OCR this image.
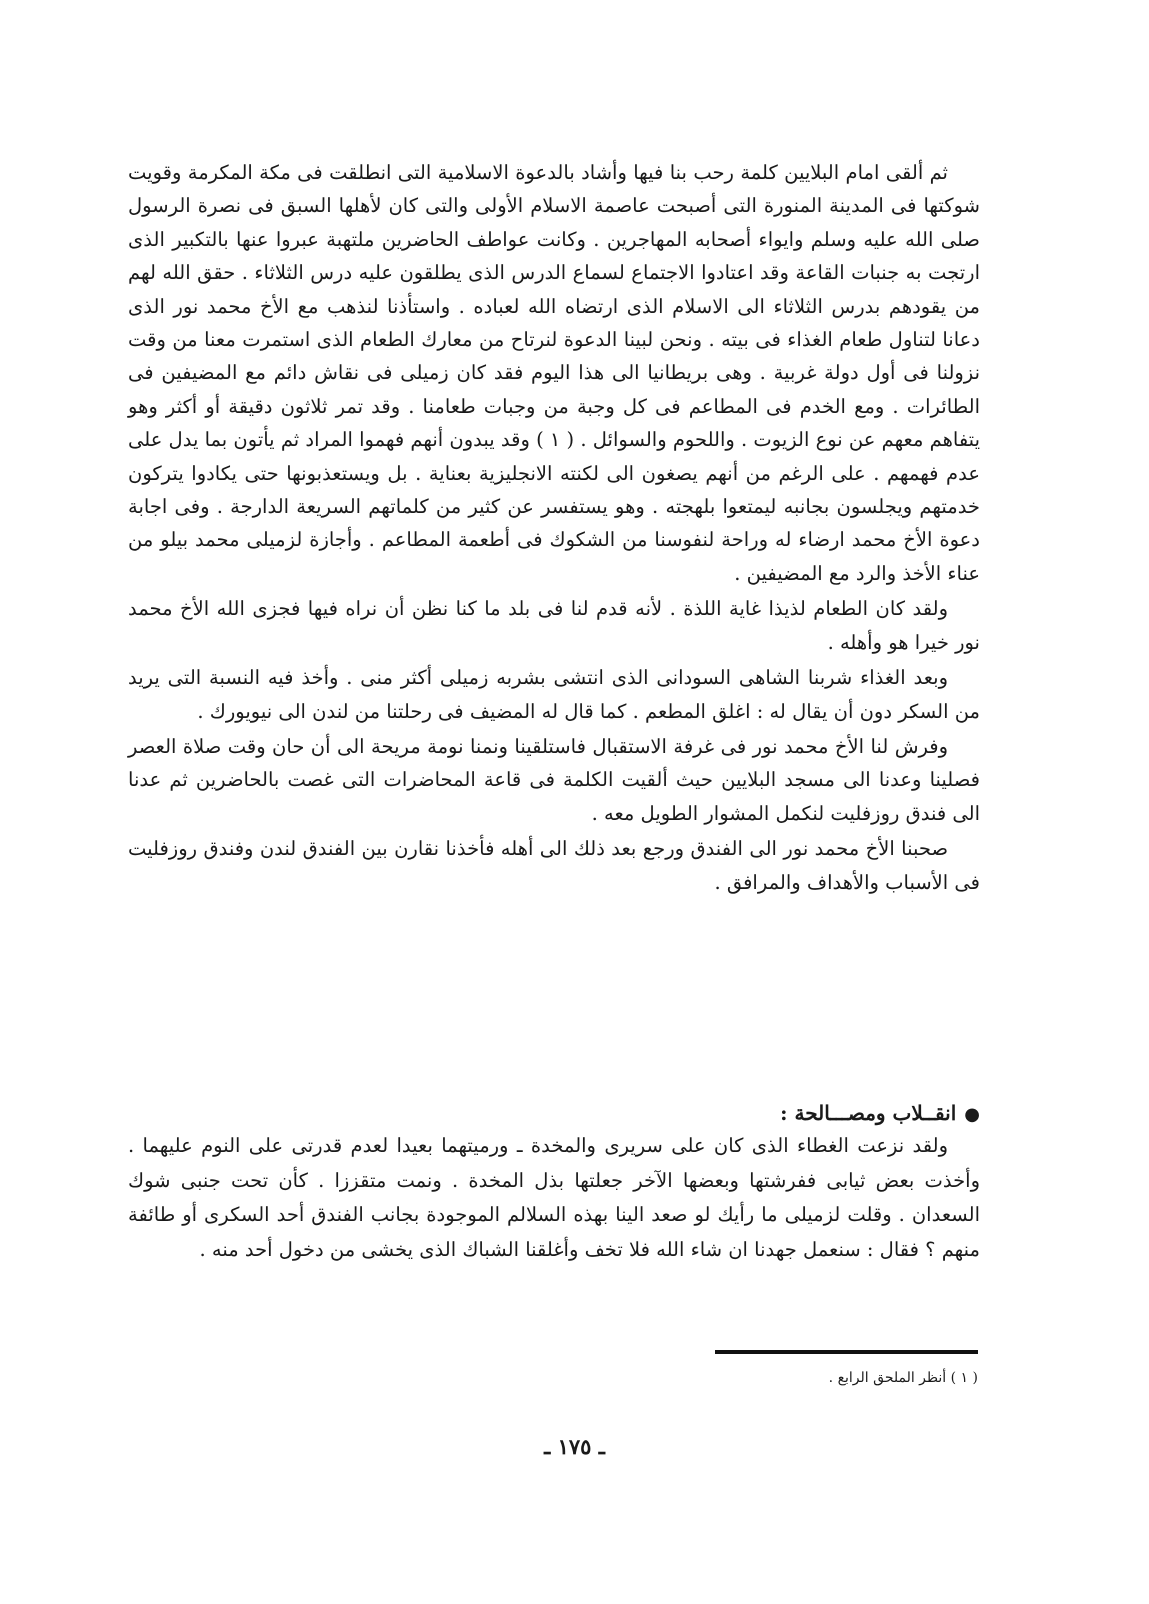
ثم ألقى امام البلايين كلمة رحب بنا فيها وأشاد بالدعوة الاسلامية التى انطلقت فى مكة المكرمة وقويت شوكتها فى المدينة المنورة التى أصبحت عاصمة الاسلام الأولى والتى كان لأهلها السبق فى نصرة الرسول صلى الله عليه وسلم وايواء أصحابه المهاجرين . وكانت عواطف الحاضرين ملتهبة عبروا عنها بالتكبير الذى ارتجت به جنبات القاعة وقد اعتادوا الاجتماع لسماع الدرس الذى يطلقون عليه درس الثلاثاء . حقق الله لهم من يقودهم بدرس الثلاثاء الى الاسلام الذى ارتضاه الله لعباده . واستأذنا لنذهب مع الأخ محمد نور الذى دعانا لتناول طعام الغذاء فى بيته . ونحن لبينا الدعوة لنرتاح من معارك الطعام الذى استمرت معنا من وقت نزولنا فى أول دولة غربية . وهى بريطانيا الى هذا اليوم فقد كان زميلى فى نقاش دائم مع المضيفين فى الطائرات . ومع الخدم فى المطاعم فى كل وجبة من وجبات طعامنا . وقد تمر ثلاثون دقيقة أو أكثر وهو يتفاهم معهم عن نوع الزيوت . واللحوم والسوائل . ( ١ ) وقد يبدون أنهم فهموا المراد ثم يأتون بما يدل على عدم فهمهم . على الرغم من أنهم يصغون الى لكنته الانجليزية بعناية . بل ويستعذبونها حتى يكادوا يتركون خدمتهم ويجلسون بجانبه ليمتعوا بلهجته . وهو يستفسر عن كثير من كلماتهم السريعة الدارجة . وفى اجابة دعوة الأخ محمد ارضاء له وراحة لنفوسنا من الشكوك فى أطعمة المطاعم . وأجازة لزميلى محمد بيلو من عناء الأخذ والرد مع المضيفين .

ولقد كان الطعام لذيذا غاية اللذة . لأنه قدم لنا فى بلد ما كنا نظن أن نراه فيها فجزى الله الأخ محمد نور خيرا هو وأهله .

وبعد الغذاء شربنا الشاهى السودانى الذى انتشى بشربه زميلى أكثر منى . وأخذ فيه النسبة التى يريد من السكر دون أن يقال له : اغلق المطعم . كما قال له المضيف فى رحلتنا من لندن الى نيويورك .

وفرش لنا الأخ محمد نور فى غرفة الاستقبال فاستلقينا ونمنا نومة مريحة الى أن حان وقت صلاة العصر فصلينا وعدنا الى مسجد البلايين حيث ألقيت الكلمة فى قاعة المحاضرات التى غصت بالحاضرين ثم عدنا الى فندق روزفليت لنكمل المشوار الطويل معه .

صحبنا الأخ محمد نور الى الفندق ورجع بعد ذلك الى أهله فأخذنا نقارن بين الفندق لندن وفندق روزفليت فى الأسباب والأهداف والمرافق .

●انقــلاب ومصـــالحة :

ولقد نزعت الغطاء الذى كان على سريرى والمخدة ـ ورميتهما بعيدا لعدم قدرتى على النوم عليهما . وأخذت بعض ثيابى ففرشتها وبعضها الآخر جعلتها بذل المخدة . ونمت متقززا . كأن تحت جنبى شوك السعدان . وقلت لزميلى ما رأيك لو صعد الينا بهذه السلالم الموجودة بجانب الفندق أحد السكرى أو طائفة منهم ؟ فقال : سنعمل جهدنا ان شاء الله فلا تخف وأغلقنا الشباك الذى يخشى من دخول أحد منه .

( ١ ) أنظر الملحق الرابع .
ـ ١٧٥ ـ
